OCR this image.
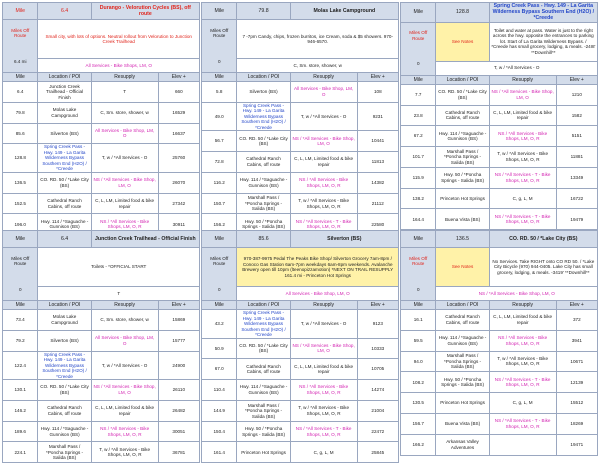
Mile	6.4	Durango - Velorution Cycles (BS), off route	

Miles Off Route
6.4 mi	Small city, with lots of options. Neutral rollout from Velorution to Junction Creek Trailhead		
	All Services - Bike Shops, LM, O		
Mile	Location / POI	Resupply	Elev +
6.4	Junction Creek Trailhead - Official Finish	T	660
79.8	Molas Lake Campground	C, Sm. store, shower, w	16529
85.6	Silverton (BS)	All Services - Bike Shop, LM, O	16637
128.8	Spring Creek Pass - Hwy. 149 - La Garita Wilderness Bypass Southern End (H2O) / *Creede	T, w / *All Services - O	25760
136.5	CO. RD. 50 / *Lake City (BS)	NS / *All Services - Bike Shop, LM, O	26070
152.5	Cathedral Ranch Cabins, off route	C, L, LM, Limited food & bike repair	27342
196.0	Hwy. 114 / *Saguache - Gunnison (BS)	NS / *All Services - Bike Shops, LM, O, R	30911
Mile	79.8	Molas Lake Campground	

Miles Off Route
0	7 -7pm Candy, chips, frozen burritos, ice Cream, soda & $5 showers. 970-946-6570.		
	C, Sm. store, shower, w		
Mile	Location / POI	Resupply	Elev +
5.8	Silverton (BS)	All Services - Bike Shop, LM, O	108
49.0	Spring Creek Pass - Hwy. 149 - La Garita Wilderness Bypass Southern End (H2O) / *Creede	T, w / *All Services - O	9231
56.7	CO. RD. 50 / *Lake City (BS)	NS / *All Services - Bike Shop, LM, O	10441
72.8	Cathedral Ranch Cabins, off route	C, L, LM, Limited food & bike repair	11813
116.2	Hwy. 114 / *Saguache - Gunnison (BS)	NS / *All Services - Bike Shops, LM, O, R	14382
150.7	Marshall Pass / *Poncha Springs - Salida (BS)	T, w / *All Services - Bike Shops, LM, O, R	21112
156.2	Hwy. 50 / *Poncha Springs - Salida (BS)	NS / *All Services - T - Bike Shops, LM, O, R	22580
Mile	128.8	Spring Creek Pass - Hwy. 149 - La Garita Wilderness Bypass Southern End (H2O) / *Creede	

Miles Off Route
0	See Notes	Toilet and water at pass. Water is just to the right across the hwy. opposite the entrances to parking lot. Start of La Garita Wilderness Bypass. / *Creede has small grocery, lodging, & meals. -24I8' **Downhill**	
	T, w / *All Services - O		
Mile	Location / POI	Resupply	Elev +
7.7	CO. RD. 50 / *Lake City (BS)	NS / *All Services - Bike Shop, LM, O	1210
23.8	Cathedral Ranch Cabins, off route	C, L, LM, Limited food & bike repair	1582
67.2	Hwy. 114 / *Saguache - Gunnison (BS)	NS / *All Services - Bike Shops, LM, O, R	5151
101.7	Marshall Pass / *Poncha Springs - Salida (BS)	T, w / *All Services - Bike Shops, LM, O, R	11881
115.9	Hwy. 50 / *Poncha Springs - Salida (BS)	NS / *All Services - T - Bike Shops, LM, O, R	13349
138.2	Princeton Hot Springs	C, g, L, M	16722
164.4	Buena Vista (BS)	NS / *All Services - T - Bike Shops, LM, O, R	19479
Mile	6.4	Junction Creek Trailhead - Official Finish	

Miles Off Route
0	Toilets - *OFFICIAL START		
	T		
Mile	Location / POI	Resupply	Elev +
73.4	Molas Lake Campground	C, Sm. store, shower, w	15869
79.2	Silverton (BS)	All Services - Bike Shop, LM, O	15777
122.4	Spring Creek Pass - Hwy. 149 - La Garita Wilderness Bypass Southern End (H2O) / *Creede	T, w / *All Services - O	24900
130.1	CO. RD. 50 / *Lake City (BS)	NS / *All Services - Bike Shop, LM, O	26110
146.2	Cathedral Ranch Cabins, off route	C, L, LM, Limited food & bike repair	26482
189.6	Hwy. 114 / *Saguache - Gunnison (BS)	NS / *All Services - Bike Shops, LM, O, R	30051
224.1	Marshall Pass / *Poncha Springs - Salida (BS)	T, w / *All Services - Bike Shops, LM, O, R	36781
Mile	85.6	Silverton (BS)	

Miles Off Route
0	970-387-9975 Pedal The Peaks Bike Shop/ Silverton Grocery 7am-8pm / Conoco Gas Station 6am-7pm weekdays 6am-8pm weekends. Avalanche Brewery open till 10pm (lteenopizzamotion) *NEXT ON TRAIL RESUPPLY 161.4 mi - Princeton Hot Springs		
	All Services - Bike Shop, LM, O		
Mile	Location / POI	Resupply	Elev +
43.2	Spring Creek Pass - Hwy. 149 - La Garita Wilderness Bypass Southern End (H2O) / *Creede	T, w / *All Services - O	9123
50.9	CO. RD. 50 / *Lake City (BS)	NS / *All Services - Bike Shop, LM, O	10333
67.0	Cathedral Ranch Cabins, off route	C, L, LM, Limited food & bike repair	10705
110.4	Hwy. 114 / *Saguache - Gunnison (BS)	NS / *All Services - Bike Shops, LM, O, R	14274
144.9	Marshall Pass / *Poncha Springs - Salida (BS)	T, w / *All Services - Bike Shops, LM, O, R	21004
150.4	Hwy. 50 / *Poncha Springs - Salida (BS)	NS / *All Services - T - Bike Shops, LM, O, R	22472
161.4	Princeton Hot Springs	C, g, L, M	25845
Mile	136.5	CO. RD. 50 / *Lake City (BS)	

Miles Off Route
0	See Notes	No Services. Take RIGHT onto CO RD 50. / *Lake City Bicycle (970) 944-0405. Lake City has small grocery, lodging, & meals. -3419' **Downhill**	
	NS / *All Services - Bike Shop, LM, O		
Mile	Location / POI	Resupply	Elev +
16.1	Cathedral Ranch Cabins, off route	C, L, LM, Limited food & bike repair	372
59.5	Hwy. 114 / *Saguache - Gunnison (BS)	NS / *All Services - Bike Shops, LM, O, R	3941
94.0	Marshall Pass / *Poncha Springs - Salida (BS)	T, w / *All Services - Bike Shops, LM, O, R	10671
108.2	Hwy. 50 / *Poncha Springs - Salida (BS)	NS / *All Services - T - Bike Shops, LM, O, R	12139
130.5	Princeton Hot Springs	C, g, L, M	15512
156.7	Buena Vista (BS)	NS / *All Services - T - Bike Shops, LM, O, R	18269
166.2	Arkansas Valley Adventures		19471
